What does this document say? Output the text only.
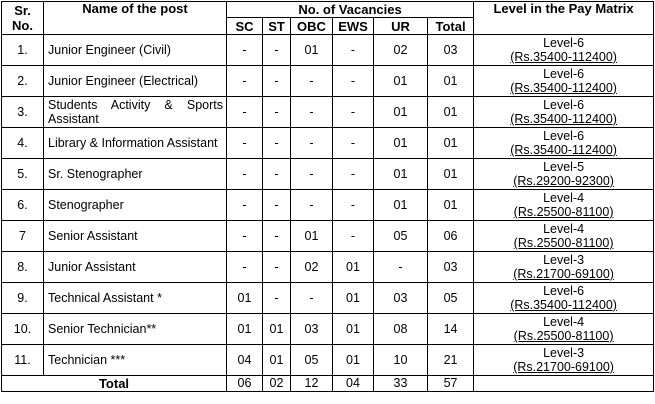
Sr. No.	Name of the post	No. of Vacancies						Level in the Pay Matrix
		SC	ST	OBC	EWS	UR	Total	
1.	Junior Engineer (Civil)	-	-	01	-	02	03	Level-6
(Rs.35400-112400)

2.	Junior Engineer (Electrical)	-	-	-	-	01	01	Level-6
(Rs.35400-112400)

3.	Students Activity & Sports Assistant	-	-	-	-	01	01	Level-6
(Rs.35400-112400)

4.	Library & Information Assistant	-	-	-	-	01	01	Level-6
(Rs.35400-112400)

5.	Sr. Stenographer	-	-	-	-	01	01	Level-5
(Rs.29200-92300)

6.	Stenographer	-	-	-	-	01	01	Level-4
(Rs.25500-81100)

7	Senior Assistant	-	-	01	-	05	06	Level-4
(Rs.25500-81100)

8.	Junior Assistant	-	-	02	01	-	03	Level-3
(Rs.21700-69100)

9.	Technical Assistant *	01	-	-	01	03	05	Level-6
(Rs.35400-112400)

10.	Senior Technician**	01	01	03	01	08	14	Level-4
(Rs.25500-81100)

11.	Technician ***	04	01	05	01	10	21	Level-3
(Rs.21700-69100)

Total		06	02	12	04	33	57	
